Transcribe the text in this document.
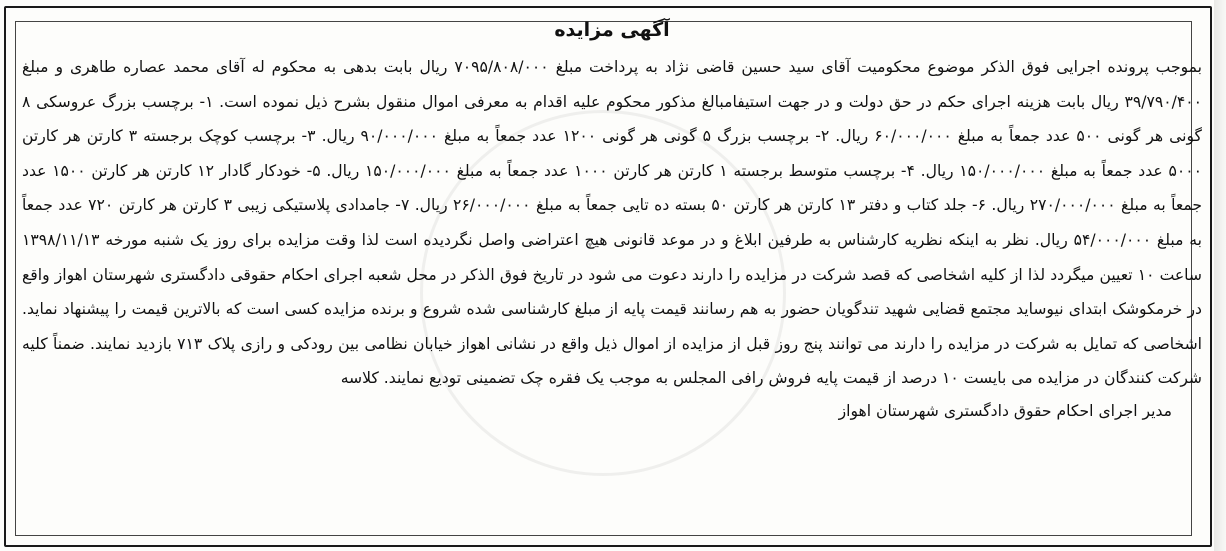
آگهی مزایده

بموجب پرونده اجرایی فوق الذکر موضوع محکومیت آقای سید حسین قاضی نژاد به پرداخت مبلغ ۷۰۹۵/۸۰۸/۰۰۰ ریال بابت بدهی به محکوم له آقای محمد عصاره طاهری و مبلغ ۳۹/۷۹۰/۴۰۰ ریال بابت هزینه اجرای حکم در حق دولت و در جهت استیفامبالغ مذکور محکوم علیه اقدام به معرفی اموال منقول بشرح ذیل نموده است. ۱- برچسب بزرگ عروسکی ۸ گونی هر گونی ۵۰۰ عدد جمعاً به مبلغ ۶۰/۰۰۰/۰۰۰ ریال. ۲- برچسب بزرگ ۵ گونی هر گونی ۱۲۰۰ عدد جمعاً به مبلغ ۹۰/۰۰۰/۰۰۰ ریال. ۳- برچسب کوچک برجسته ۳ کارتن هر کارتن ۵۰۰۰ عدد جمعاً به مبلغ ۱۵۰/۰۰۰/۰۰۰ ریال. ۴- برچسب متوسط برجسته ۱ کارتن هر کارتن ۱۰۰۰ عدد جمعاً به مبلغ ۱۵۰/۰۰۰/۰۰۰ ریال. ۵- خودکار گادار ۱۲ کارتن هر کارتن ۱۵۰۰ عدد جمعاً به مبلغ ۲۷۰/۰۰۰/۰۰۰ ریال. ۶- جلد کتاب و دفتر ۱۳ کارتن هر کارتن ۵۰ بسته ده تایی جمعاً به مبلغ ۲۶/۰۰۰/۰۰۰ ریال. ۷- جامدادی پلاستیکی زیبی ۳ کارتن هر کارتن ۷۲۰ عدد جمعاً به مبلغ ۵۴/۰۰۰/۰۰۰ ریال. نظر به اینکه نظریه کارشناس به طرفین ابلاغ و در موعد قانونی هیچ اعتراضی واصل نگردیده است لذا وقت مزایده برای روز یک شنبه مورخه ۱۳۹۸/۱۱/۱۳ ساعت ۱۰ تعیین میگردد لذا از کلیه اشخاصی که قصد شرکت در مزایده را دارند دعوت می شود در تاریخ فوق الذکر در محل شعبه اجرای احکام حقوقی دادگستری شهرستان اهواز واقع در خرمکوشک ابتدای نیوساید مجتمع قضایی شهید تندگویان حضور به هم رسانند قیمت پایه از مبلغ کارشناسی شده شروع و برنده مزایده کسی است که بالاترین قیمت را پیشنهاد نماید. اشخاصی که تمایل به شرکت در مزایده را دارند می توانند پنج روز قبل از مزایده از اموال ذیل واقع در نشانی اهواز خیابان نظامی بین رودکی و رازی پلاک ۷۱۳ بازدید نمایند. ضمناً کلیه شرکت کنندگان در مزایده می بایست ۱۰ درصد از قیمت پایه فروش رافی المجلس به موجب یک فقره چک تضمینی تودیع نمایند. کلاسه

مدیر اجرای احکام حقوق دادگستری شهرستان اهواز
